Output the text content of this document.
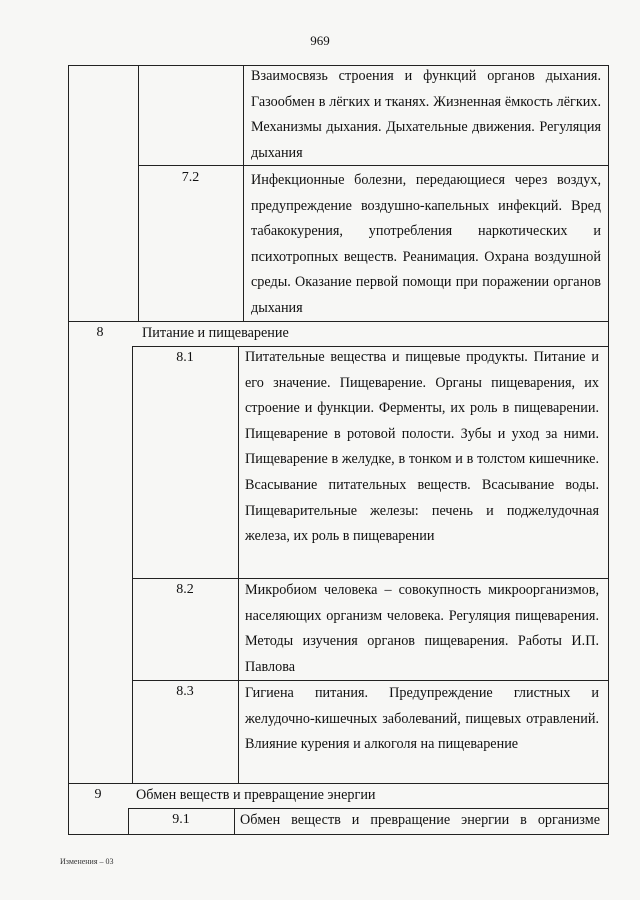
969
Взаимосвязь строения и функций органов дыхания. Газообмен в лёгких и тканях. Жизненная ёмкость лёгких. Механизмы дыхания. Дыхательные движения. Регуляция дыхания
7.2	Инфекционные болезни, передающиеся через воздух, предупреждение воздушно-капельных инфекций. Вред табакокурения, употребления наркотических и психотропных веществ. Реанимация. Охрана воздушной среды. Оказание первой помощи при поражении органов дыхания
8	Питание и пищеварение
8.1	Питательные вещества и пищевые продукты. Питание и его значение. Пищеварение. Органы пищеварения, их строение и функции. Ферменты, их роль в пищеварении. Пищеварение в ротовой полости. Зубы и уход за ними. Пищеварение в желудке, в тонком и в толстом кишечнике. Всасывание питательных веществ. Всасывание воды. Пищеварительные железы: печень и поджелудочная железа, их роль в пищеварении
8.2	Микробиом человека – совокупность микроорганизмов, населяющих организм человека. Регуляция пищеварения. Методы изучения органов пищеварения. Работы И.П. Павлова
8.3	Гигиена питания. Предупреждение глистных и желудочно-кишечных заболеваний, пищевых отравлений. Влияние курения и алкоголя на пищеварение
9	Обмен веществ и превращение энергии
9.1	Обмен веществ и превращение энергии в организме
Изменения – 03
